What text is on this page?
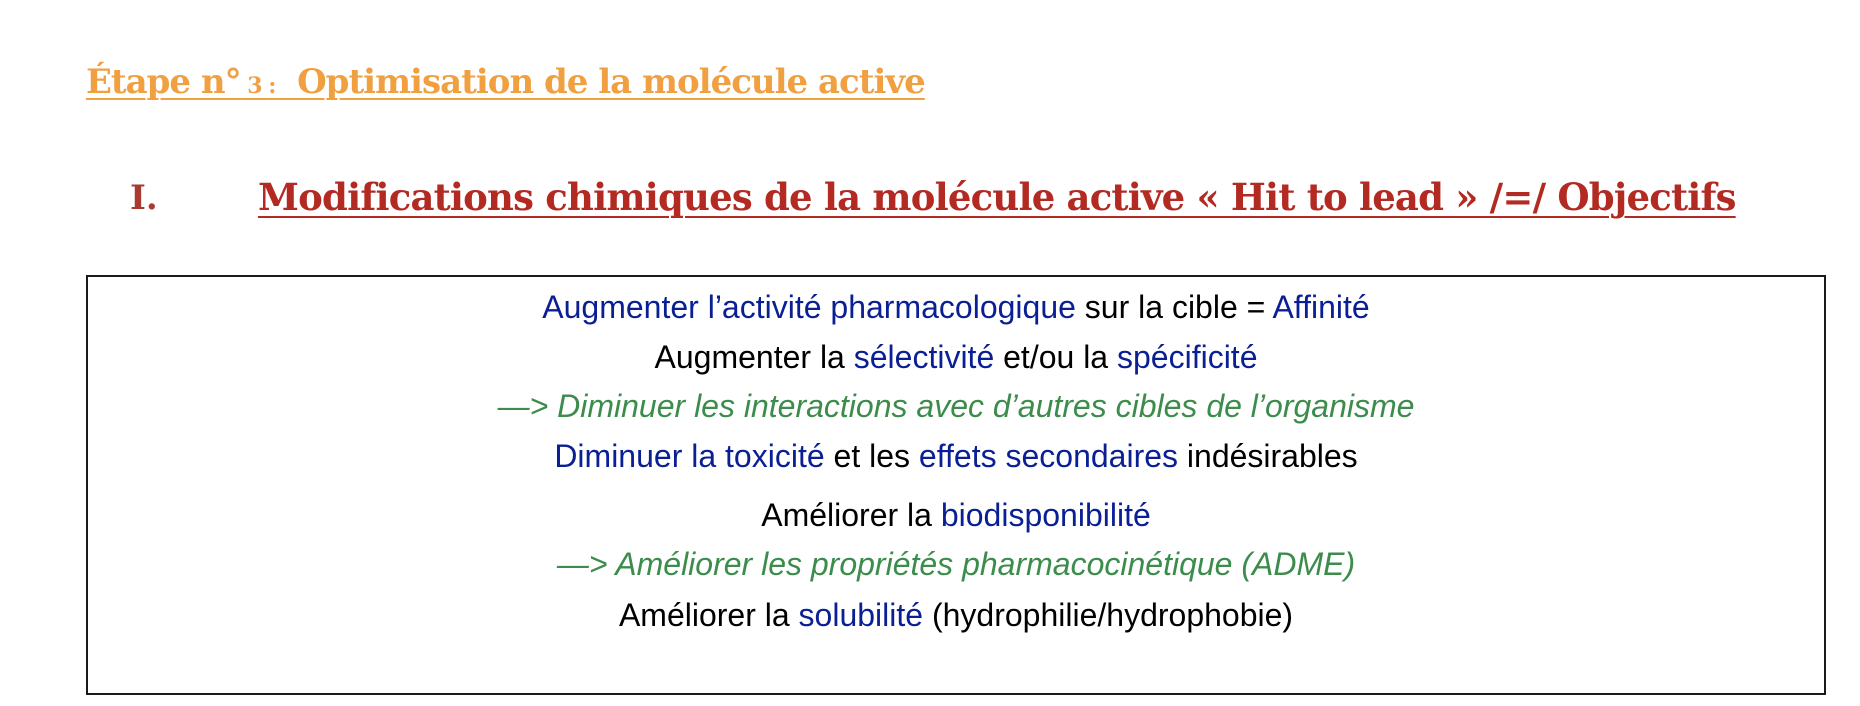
Étape n° 3 :  Optimisation de la molécule active
I.	Modifications chimiques de la molécule active « Hit to lead » /=/ Objectifs
Augmenter l’activité pharmacologique sur la cible = Affinité
Augmenter la sélectivité et/ou la spécificité
—> Diminuer les interactions avec d’autres cibles de l’organisme
Diminuer la toxicité et les effets secondaires indésirables
Améliorer la biodisponibilité
—> Améliorer les propriétés pharmacocinétique (ADME)
Améliorer la solubilité (hydrophilie/hydrophobie)
